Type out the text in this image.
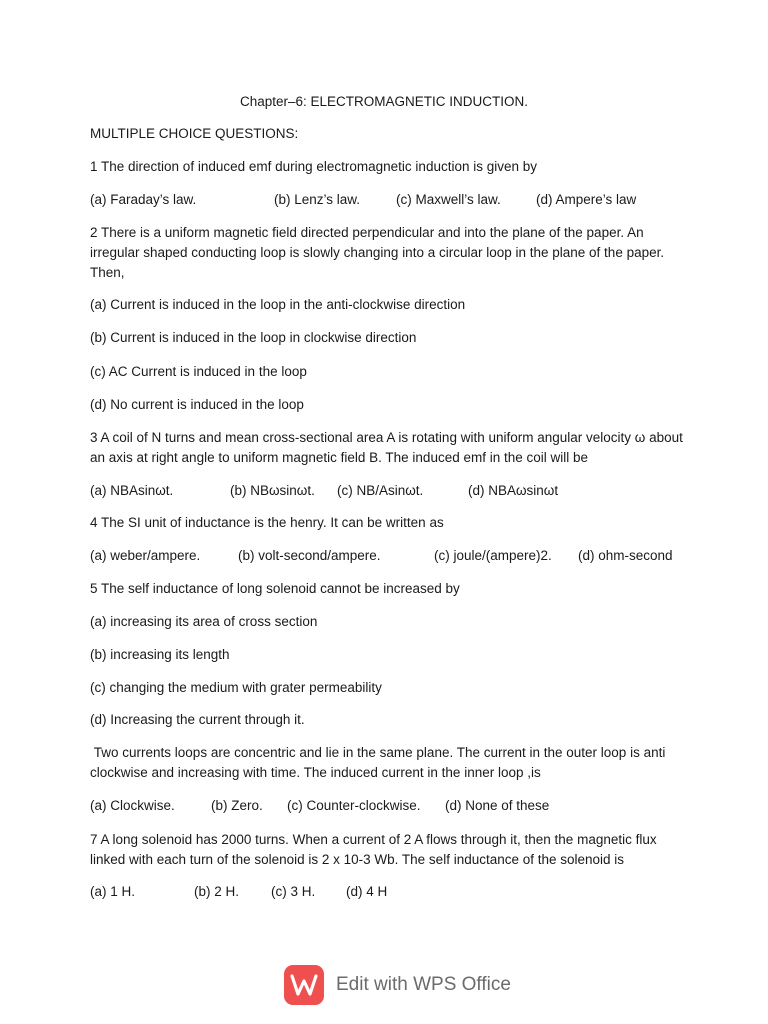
Chapter–6: ELECTROMAGNETIC INDUCTION.
MULTIPLE CHOICE QUESTIONS:
1 The direction of induced emf during electromagnetic induction is given by
(a) Faraday’s law.	(b) Lenz’s law.	(c) Maxwell’s law.	(d) Ampere’s law
2 There is a uniform magnetic field directed perpendicular and into the plane of the paper. An irregular shaped conducting loop is slowly changing into a circular loop in the plane of the paper. Then,
(a) Current is induced in the loop in the anti-clockwise direction
(b) Current is induced in the loop in clockwise direction
(c) AC Current is induced in the loop
(d) No current is induced in the loop
3 A coil of N turns and mean cross-sectional area A is rotating with uniform angular velocity ω about an axis at right angle to uniform magnetic field B. The induced emf in the coil will be
(a) NBAsinωt.	(b) NBωsinωt. (c) NB/Asinωt.	(d) NBAωsinωt
4 The SI unit of inductance is the henry. It can be written as
(a) weber/ampere.	(b) volt-second/ampere.	(c) joule/(ampere)2. (d) ohm-second
5 The self inductance of long solenoid cannot be increased by
(a) increasing its area of cross section
(b) increasing its length
(c) changing the medium with grater permeability
(d) Increasing the current through it.
Two currents loops are concentric and lie in the same plane. The current in the outer loop is anti clockwise and increasing with time. The induced current in the inner loop ,is
(a) Clockwise.	(b) Zero. (c) Counter-clockwise. (d) None of these
7 A long solenoid has 2000 turns. When a current of 2 A flows through it, then the magnetic flux linked with each turn of the solenoid is 2 x 10-3 Wb. The self inductance of the solenoid is
(a) 1 H.	(b) 2 H. (c) 3 H. (d) 4 H
Edit with WPS Office
